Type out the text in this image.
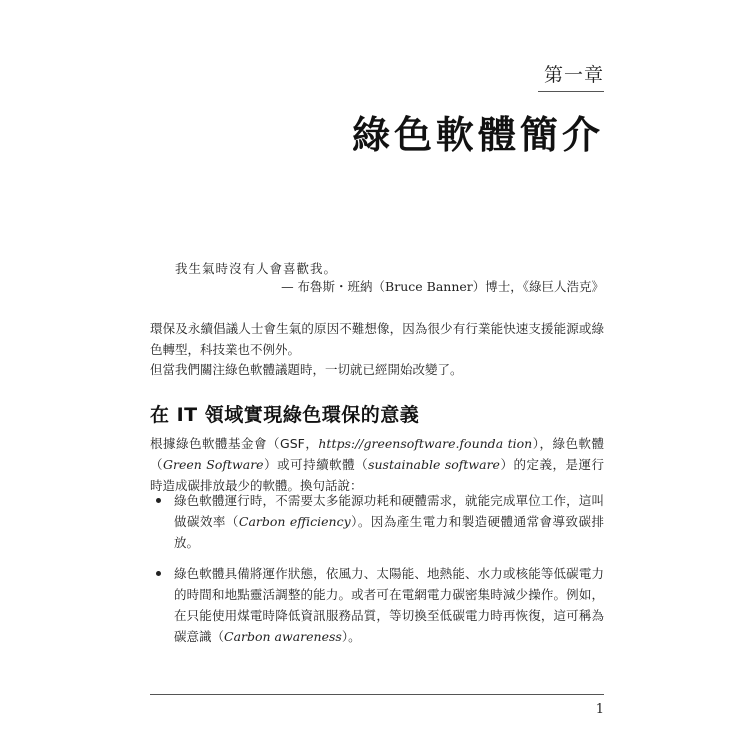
第一章
綠色軟體簡介
我生氣時沒有人會喜歡我。
— 布魯斯・班納（Bruce Banner）博士，《綠巨人浩克》

環保及永續倡議人士會生氣的原因不難想像，因為很少有行業能快速支援能源或綠色轉型，科技業也不例外。

但當我們關注綠色軟體議題時，一切就已經開始改變了。

在 IT 領域實現綠色環保的意義

根據綠色軟體基金會（GSF，https://greensoftware.founda tion），綠色軟體（Green Software）或可持續軟體（sustainable software）的定義，是運行時造成碳排放最少的軟體。換句話說：

綠色軟體運行時，不需要太多能源功耗和硬體需求，就能完成單位工作，這叫做碳效率（Carbon efficiency）。因為產生電力和製造硬體通常會導致碳排放。
綠色軟體具備將運作狀態，依風力、太陽能、地熱能、水力或核能等低碳電力的時間和地點靈活調整的能力。或者可在電網電力碳密集時減少操作。例如，在只能使用煤電時降低資訊服務品質，等切換至低碳電力時再恢復，這可稱為碳意識（Carbon awareness）。
1
